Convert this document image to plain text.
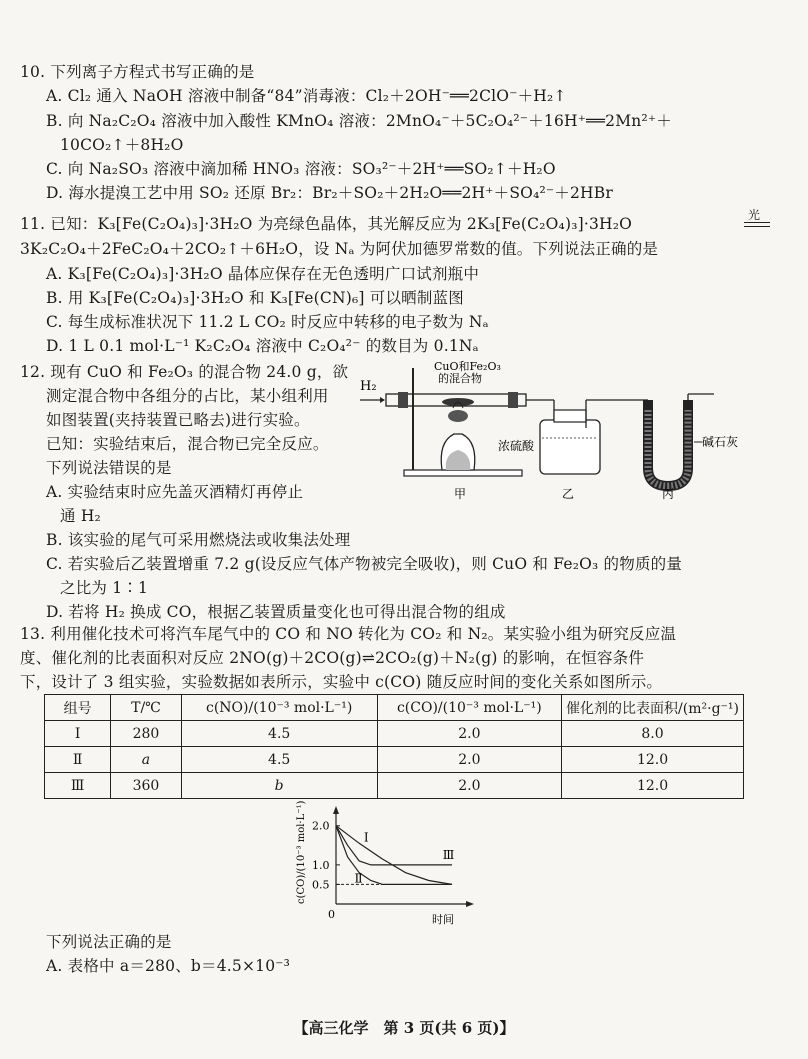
10. 下列离子方程式书写正确的是
A. Cl₂ 通入 NaOH 溶液中制备“84”消毒液：Cl₂＋2OH⁻══2ClO⁻＋H₂↑
B. 向 Na₂C₂O₄ 溶液中加入酸性 KMnO₄ 溶液：2MnO₄⁻＋5C₂O₄²⁻＋16H⁺══2Mn²⁺＋
10CO₂↑＋8H₂O
C. 向 Na₂SO₃ 溶液中滴加稀 HNO₃ 溶液：SO₃²⁻＋2H⁺══SO₂↑＋H₂O
D. 海水提溴工艺中用 SO₂ 还原 Br₂：Br₂＋SO₂＋2H₂O══2H⁺＋SO₄²⁻＋2HBr
11. 已知：K₃[Fe(C₂O₄)₃]·3H₂O 为亮绿色晶体，其光解反应为 2K₃[Fe(C₂O₄)₃]·3H₂O	光
3K₂C₂O₄＋2FeC₂O₄＋2CO₂↑＋6H₂O，设 Nₐ 为阿伏加德罗常数的值。下列说法正确的是
A. K₃[Fe(C₂O₄)₃]·3H₂O 晶体应保存在无色透明广口试剂瓶中
B. 用 K₃[Fe(C₂O₄)₃]·3H₂O 和 K₃[Fe(CN)₆] 可以晒制蓝图
C. 每生成标准状况下 11.2 L CO₂ 时反应中转移的电子数为 Nₐ
D. 1 L 0.1 mol·L⁻¹ K₂C₂O₄ 溶液中 C₂O₄²⁻ 的数目为 0.1Nₐ
12. 现有 CuO 和 Fe₂O₃ 的混合物 24.0 g，欲
测定混合物中各组分的占比，某小组利用
如图装置(夹持装置已略去)进行实验。
已知：实验结束后，混合物已完全反应。
下列说法错误的是
A. 实验结束时应先盖灭酒精灯再停止
通 H₂
B. 该实验的尾气可采用燃烧法或收集法处理
C. 若实验后乙装置增重 7.2 g(设反应气体产物被完全吸收)，则 CuO 和 Fe₂O₃ 的物质的量
之比为 1∶1
D. 若将 H₂ 换成 CO，根据乙装置质量变化也可得出混合物的组成
H₂
CuO和Fe₂O₃
的混合物
浓硫酸	碱石灰
甲	乙	丙
13. 利用催化技术可将汽车尾气中的 CO 和 NO 转化为 CO₂ 和 N₂。某实验小组为研究反应温
度、催化剂的比表面积对反应 2NO(g)＋2CO(g)⇌2CO₂(g)＋N₂(g) 的影响，在恒容条件
下，设计了 3 组实验，实验数据如表所示，实验中 c(CO) 随反应时间的变化关系如图所示。
组号	T/℃	c(NO)/(10⁻³ mol·L⁻¹)	c(CO)/(10⁻³ mol·L⁻¹)	催化剂的比表面积/(m²·g⁻¹)
Ⅰ	280	4.5	2.0	8.0
Ⅱ	a	4.5	2.0	12.0
Ⅲ	360	b	2.0	12.0
c(CO)/(10⁻³ mol·L⁻¹)
0	时间
2.0
1.0
0.5
Ⅰ
Ⅱ
Ⅲ
下列说法正确的是
A. 表格中 a＝280、b＝4.5×10⁻³
【高三化学　第 3 页(共 6 页)】
